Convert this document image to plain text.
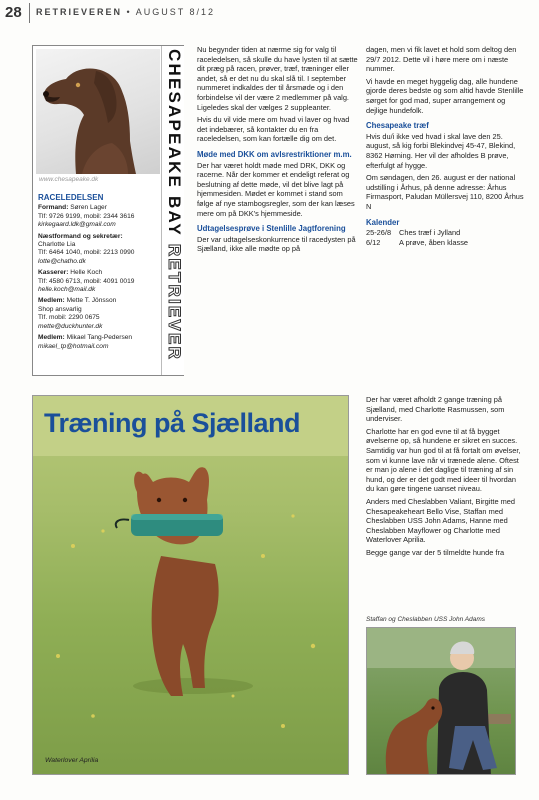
28 RETRIEVEREN • AUGUST 8/12
www.chesapeake.dk	CHESAPEAKE BAY RETRIEVER
RACELEDELSEN
Formand: Søren Lager
Tlf: 9726 9199, mobil: 2344 3616
kirkegaard.ldk@gmail.com
Næstformand og sekretær:
Charlotte Lia
Tlf: 6464 1040, mobil: 2213 0990
lotte@chatho.dk
Kasserer: Helle Koch
Tlf: 4580 6713, mobil: 4091 0019
helle.koch@mail.dk
Medlem: Mette T. Jönsson
Shop ansvarlig
Tlf. mobil: 2290 0675
mette@duckhunter.dk
Medlem: Mikael Tang-Pedersen
mikael_tp@hotmail.com

Nu begynder tiden at nærme sig for valg til raceledelsen, så skulle du have lysten til at sætte dit præg på racen, prøver, træf, træninger eller andet, så er det nu du skal slå til. I september nummeret indkaldes der til årsmøde og i den forbindelse vil der være 2 medlemmer på valg. Ligeledes skal der vælges 2 suppleanter.

Hvis du vil vide mere om hvad vi laver og hvad det indebærer, så kontakter du en fra raceledelsen, som kan fortælle dig om det.

Møde med DKK om avlsrestriktioner m.m.

Der har været holdt møde med DRK, DKK og racerne. Når der kommer et endeligt referat og beslutning af dette møde, vil det blive lagt på hjemmesiden. Mødet er kommet i stand som følge af nye stambogsregler, som der kan læses mere om på DKK's hjemmeside.

Udtagelsesprøve i Stenlille Jagtforening

Der var udtagelseskonkurrence til racedysten på Sjælland, ikke alle mødte op på

dagen, men vi fik lavet et hold som deltog den 29/7 2012. Dette vil i høre mere om i næste nummer.

Vi havde en meget hyggelig dag, alle hundene gjorde deres bedste og som altid havde Stenlille sørget for god mad, super arrangement og dejlige hundefolk.

Chesapeake træf

Hvis du/i ikke ved hvad i skal lave den 25. august, så kig forbi Blekindvej 45-47, Blekind, 8362 Hørning. Her vil der afholdes B prøve, efterfulgt af hygge.

Om søndagen, den 26. august er der national udstilling i Århus, på denne adresse: Århus Firmasport, Paludan Müllersvej 110, 8200 Århus N

Kalender
25-26/8	Ches træf i Jylland
6/12	A prøve, åben klasse
Træning på Sjælland
Waterlover Aprilia

Der har været afholdt 2 gange træning på Sjælland, med Charlotte Rasmussen, som underviser.

Charlotte har en god evne til at få bygget øvelserne op, så hundene er sikret en succes. Samtidig var hun god til at få fortalt om øvelser, som vi kunne lave når vi trænede alene. Oftest er man jo alene i det daglige til træning af sin hund, og der er det godt med ideer til hvordan du kan gøre tingene uanset niveau.

Anders med Cheslabben Valiant, Birgitte med Chesapeakeheart Bello Vise, Staffan med Cheslabben USS John Adams, Hanne med Cheslabben Mayflower og Charlotte med Waterlover Aprilia.

Begge gange var der 5 tilmeldte hunde fra

Staffan og Cheslabben USS John Adams
